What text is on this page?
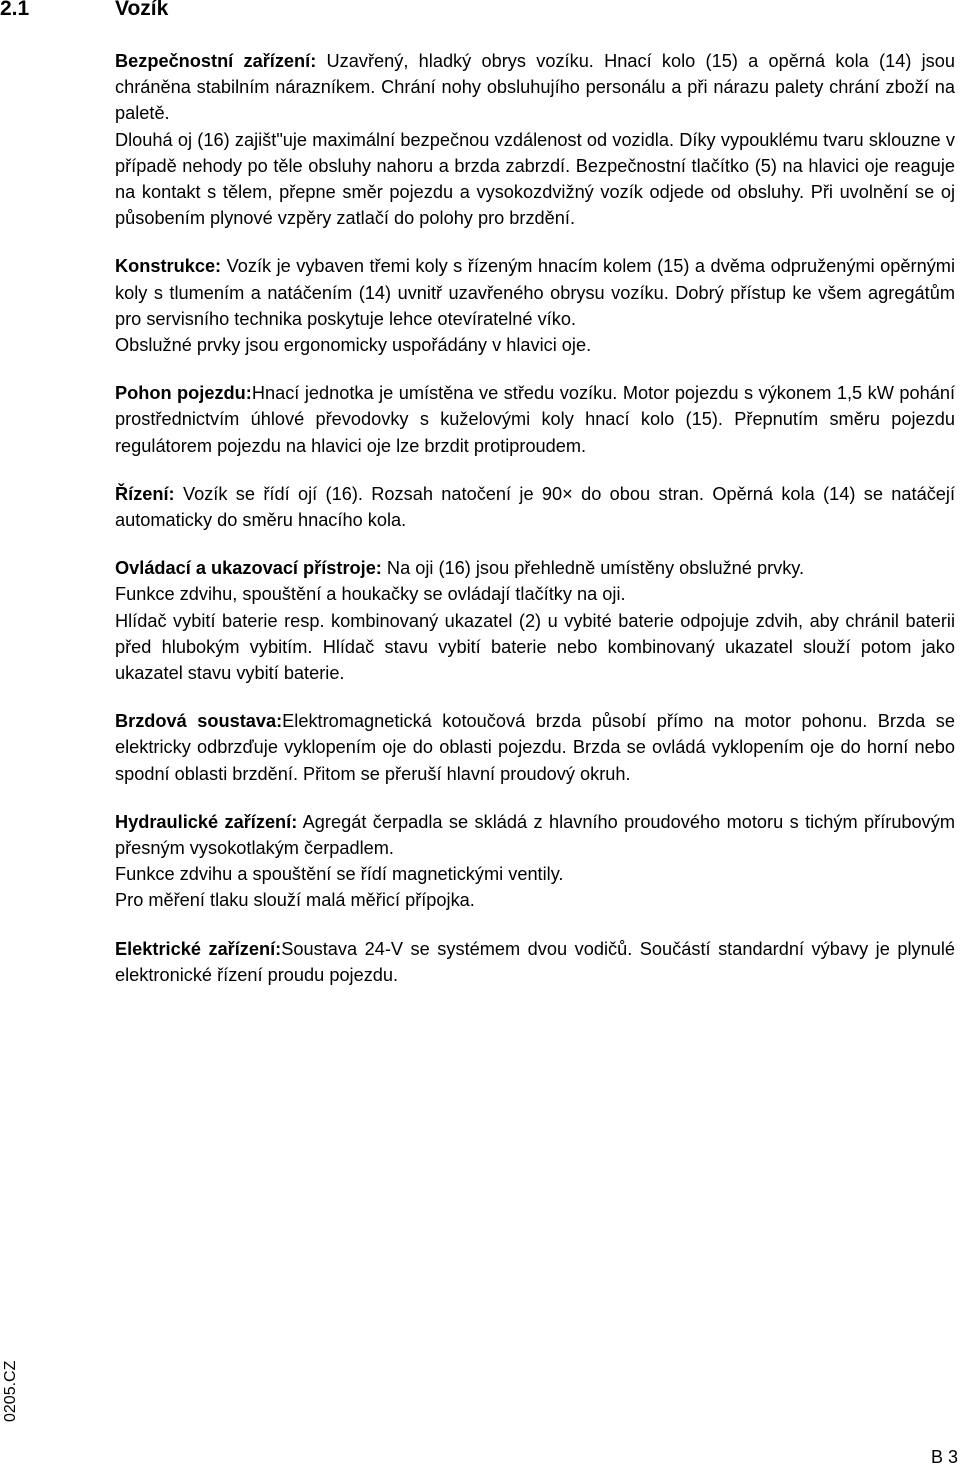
2.1	Vozík
Bezpečnostní zařízení: Uzavřený, hladký obrys vozíku. Hnací kolo (15) a opěrná kola (14) jsou chráněna stabilním nárazníkem. Chrání nohy obsluhujího personálu a při nárazu palety chrání zboží na paletě.
Dlouhá oj (16) zajišt"uje maximální bezpečnou vzdálenost od vozidla. Díky vypouklému tvaru sklouzne v případě nehody po těle obsluhy nahoru a brzda zabrzdí. Bezpečnostní tlačítko (5) na hlavici oje reaguje na kontakt s tělem, přepne směr pojezdu a vysokozdvižný vozík odjede od obsluhy. Při uvolnění se oj působením plynové vzpěry zatlačí do polohy pro brzdění.
Konstrukce: Vozík je vybaven třemi koly s řízeným hnacím kolem (15) a dvěma odpruženými opěrnými koly s tlumením a natáčením (14) uvnitř uzavřeného obrysu vozíku. Dobrý přístup ke všem agregátům pro servisního technika poskytuje lehce otevíratelné víko.
Obslužné prvky jsou ergonomicky uspořádány v hlavici oje.
Pohon pojezdu:Hnací jednotka je umístěna ve středu vozíku. Motor pojezdu s výkonem 1,5 kW pohání prostřednictvím úhlové převodovky s kuželovými koly hnací kolo (15). Přepnutím směru pojezdu regulátorem pojezdu na hlavici oje lze brzdit protiproudem.
Řízení: Vozík se řídí ojí (16). Rozsah natočení je 90× do obou stran. Opěrná kola (14) se natáčejí automaticky do směru hnacího kola.
Ovládací a ukazovací přístroje: Na oji (16) jsou přehledně umístěny obslužné prvky.
Funkce zdvihu, spouštění a houkačky se ovládají tlačítky na oji.
Hlídač vybití baterie resp. kombinovaný ukazatel (2) u vybité baterie odpojuje zdvih, aby chránil baterii před hlubokým vybitím. Hlídač stavu vybití baterie nebo kombinovaný ukazatel slouží potom jako ukazatel stavu vybití baterie.
Brzdová soustava:Elektromagnetická kotoučová brzda působí přímo na motor pohonu. Brzda se elektricky odbrzďuje vyklopením oje do oblasti pojezdu. Brzda se ovládá vyklopením oje do horní nebo spodní oblasti brzdění. Přitom se přeruší hlavní proudový okruh.
Hydraulické zařízení: Agregát čerpadla se skládá z hlavního proudového motoru s tichým přírubovým přesným vysokotlakým čerpadlem.
Funkce zdvihu a spouštění se řídí magnetickými ventily.
Pro měření tlaku slouží malá měřicí přípojka.
Elektrické zařízení:Soustava 24-V se systémem dvou vodičů. Součástí standardní výbavy je plynulé elektronické řízení proudu pojezdu.
0205.CZ
B 3
